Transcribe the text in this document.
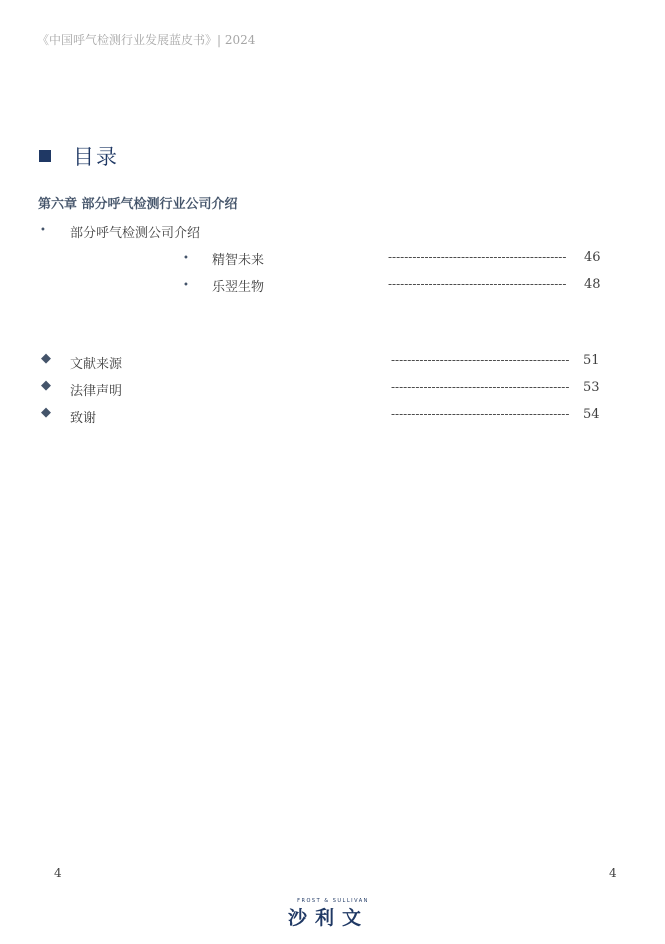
《中国呼气检测行业发展蓝皮书》| 2024
目录
第六章 部分呼气检测行业公司介绍
• 部分呼气检测公司介绍
• 精智未来	--------------------------------------------	46
• 乐翌生物	--------------------------------------------	48
◆ 文献来源	--------------------------------------------	51
◆ 法律声明	--------------------------------------------	53
◆ 致谢	--------------------------------------------	54
4	4
FROST & SULLIVAN
沙利文
